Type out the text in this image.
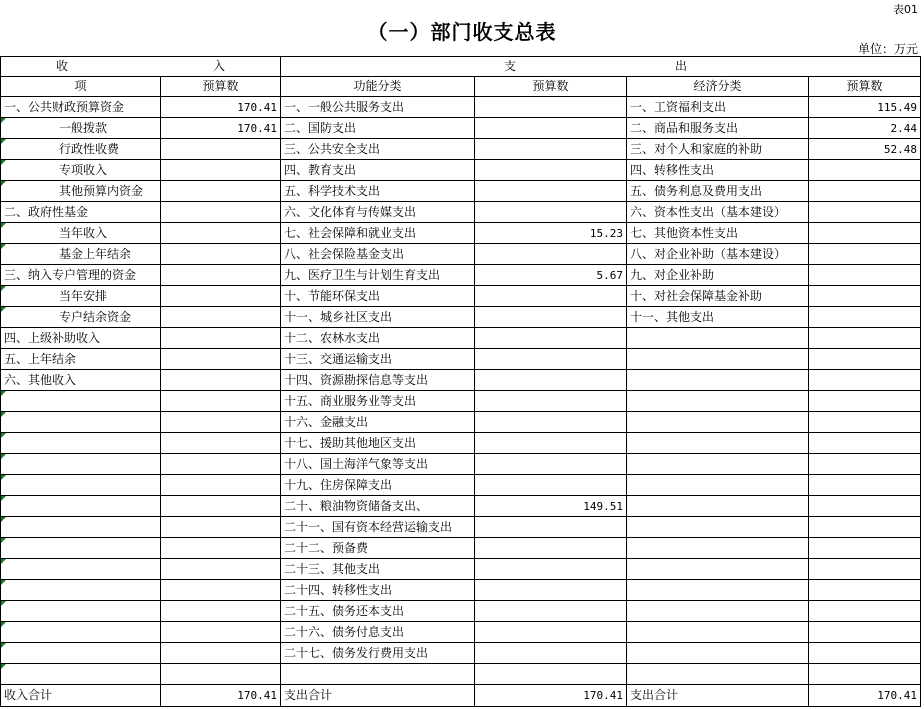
表01
（一）部门收支总表
单位：万元
收 入		支 出			

项	预算数	功能分类	预算数	经济分类	预算数
一、公共财政预算资金	170.41	一、一般公共服务支出		一、工资福利支出	115.49
一般拨款	170.41	二、国防支出		二、商品和服务支出	2.44
行政性收费		三、公共安全支出		三、对个人和家庭的补助	52.48
专项收入		四、教育支出		四、转移性支出	
其他预算内资金		五、科学技术支出		五、债务利息及费用支出	
二、政府性基金		六、文化体育与传媒支出		六、资本性支出（基本建设）	
当年收入		七、社会保障和就业支出	15.23	七、其他资本性支出	
基金上年结余		八、社会保险基金支出		八、对企业补助（基本建设）	
三、纳入专户管理的资金		九、医疗卫生与计划生育支出	5.67	九、对企业补助	
当年安排		十、节能环保支出		十、对社会保障基金补助	
专户结余资金		十一、城乡社区支出		十一、其他支出	
四、上级补助收入		十二、农林水支出			
五、上年结余		十三、交通运输支出			
六、其他收入		十四、资源勘探信息等支出			
		十五、商业服务业等支出			
		十六、金融支出			
		十七、援助其他地区支出			
		十八、国土海洋气象等支出			
		十九、住房保障支出			
		二十、粮油物资储备支出、	149.51		
		二十一、国有资本经营运输支出			
		二十二、预备费			
		二十三、其他支出			
		二十四、转移性支出			
		二十五、债务还本支出			
		二十六、债务付息支出			
		二十七、债务发行费用支出			

收入合计	170.41	支出合计	170.41	支出合计	170.41
